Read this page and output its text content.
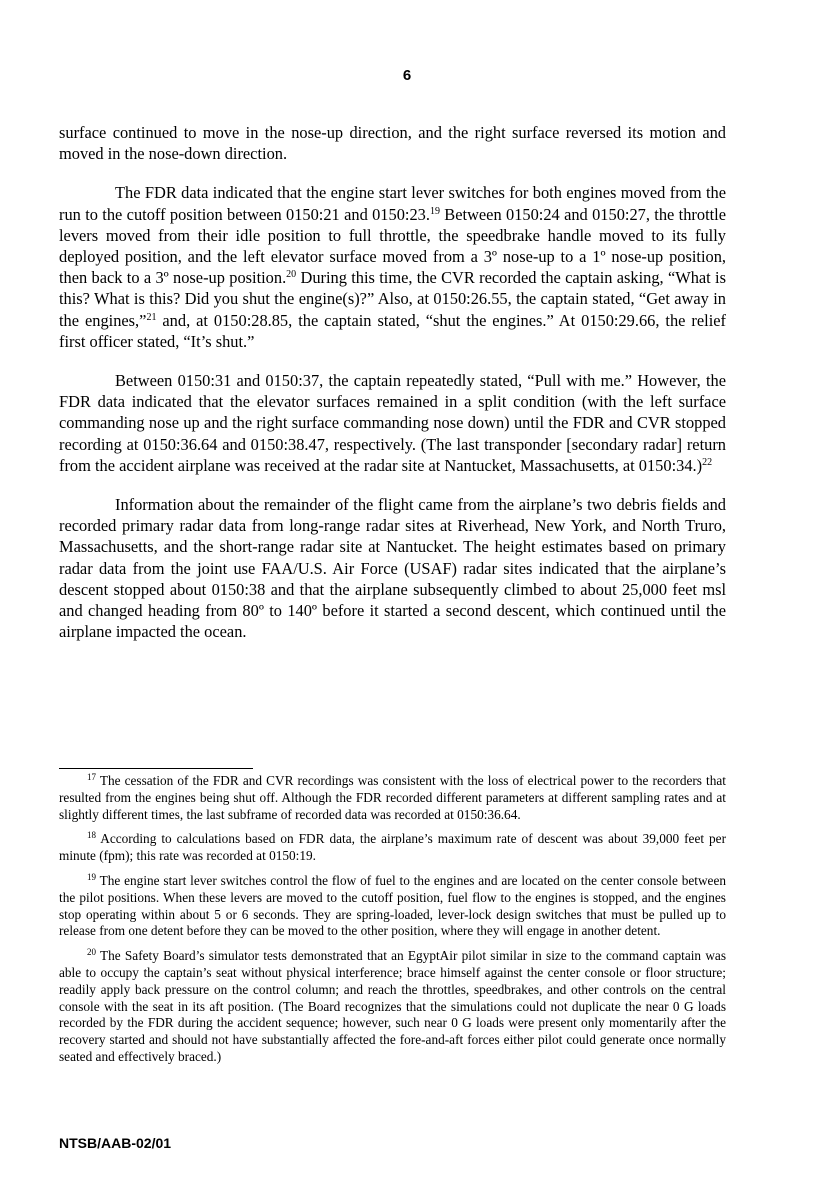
6

surface continued to move in the nose-up direction, and the right surface reversed its motion and moved in the nose-down direction.

The FDR data indicated that the engine start lever switches for both engines moved from the run to the cutoff position between 0150:21 and 0150:23.19 Between 0150:24 and 0150:27, the throttle levers moved from their idle position to full throttle, the speedbrake handle moved to its fully deployed position, and the left elevator surface moved from a 3º nose-up to a 1º nose-up position, then back to a 3º nose-up position.$^{20}$ During this time, the CVR recorded the captain asking, “What is this? What is this? Did you shut the engine(s)?” Also, at 0150:26.55, the captain stated, “Get away in the engines,”$^{21}$ and, at 0150:28.85, the captain stated, “shut the engines.” At 0150:29.66, the relief first officer stated, “It’s shut.”

Between 0150:31 and 0150:37, the captain repeatedly stated, “Pull with me.” However, the FDR data indicated that the elevator surfaces remained in a split condition (with the left surface commanding nose up and the right surface commanding nose down) until the FDR and CVR stopped recording at 0150:36.64 and 0150:38.47, respectively. (The last transponder [secondary radar] return from the accident airplane was received at the radar site at Nantucket, Massachusetts, at 0150:34.)$^{22}$

Information about the remainder of the flight came from the airplane’s two debris fields and recorded primary radar data from long-range radar sites at Riverhead, New York, and North Truro, Massachusetts, and the short-range radar site at Nantucket. The height estimates based on primary radar data from the joint use FAA/U.S. Air Force (USAF) radar sites indicated that the airplane’s descent stopped about 0150:38 and that the airplane subsequently climbed to about 25,000 feet msl and changed heading from 80º to 140º before it started a second descent, which continued until the airplane impacted the ocean.

$^{17}$ The cessation of the FDR and CVR recordings was consistent with the loss of electrical power to the recorders that resulted from the engines being shut off. Although the FDR recorded different parameters at different sampling rates and at slightly different times, the last subframe of recorded data was recorded at 0150:36.64.

$^{18}$ According to calculations based on FDR data, the airplane’s maximum rate of descent was about 39,000 feet per minute (fpm); this rate was recorded at 0150:19.

$^{19}$ The engine start lever switches control the flow of fuel to the engines and are located on the center console between the pilot positions. When these levers are moved to the cutoff position, fuel flow to the engines is stopped, and the engines stop operating within about 5 or 6 seconds. They are spring-loaded, lever-lock design switches that must be pulled up to release from one detent before they can be moved to the other position, where they will engage in another detent.

$^{20}$ The Safety Board’s simulator tests demonstrated that an EgyptAir pilot similar in size to the command captain was able to occupy the captain’s seat without physical interference; brace himself against the center console or floor structure; readily apply back pressure on the control column; and reach the throttles, speedbrakes, and other controls on the central console with the seat in its aft position. (The Board recognizes that the simulations could not duplicate the near 0 G loads recorded by the FDR during the accident sequence; however, such near 0 G loads were present only momentarily after the recovery started and should not have substantially affected the fore-and-aft forces either pilot could generate once normally seated and effectively braced.)

NTSB/AAB-02/01
